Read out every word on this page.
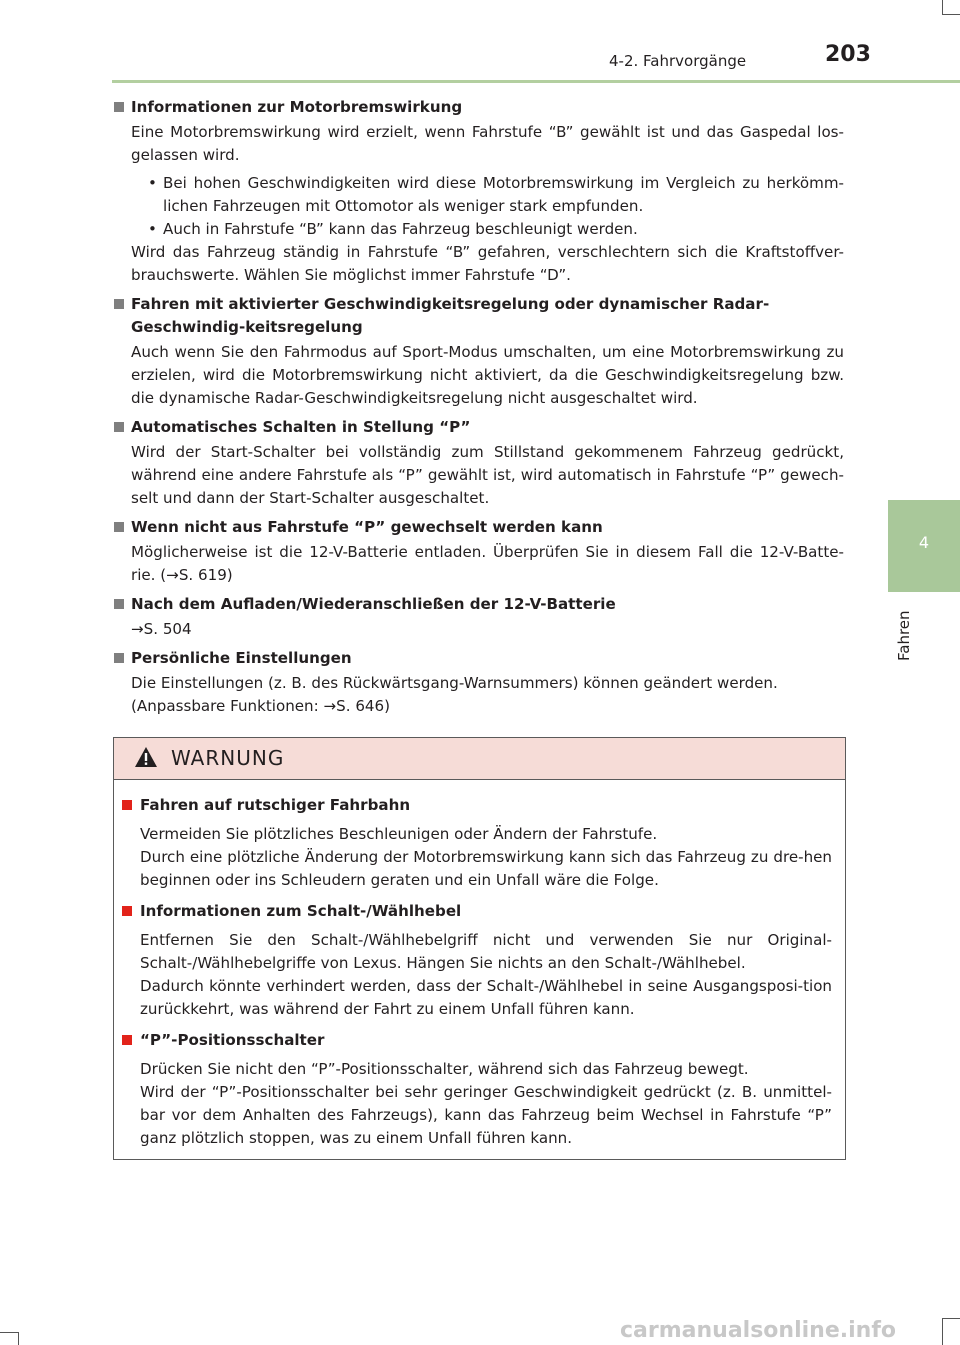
4-2. Fahrvorgänge	203
4
Fahren
Informationen zur Motorbremswirkung
Eine Motorbremswirkung wird erzielt, wenn Fahrstufe “B” gewählt ist und das Gaspedal los-gelassen wird.
• Bei hohen Geschwindigkeiten wird diese Motorbremswirkung im Vergleich zu herkömm-lichen Fahrzeugen mit Ottomotor als weniger stark empfunden.
• Auch in Fahrstufe “B” kann das Fahrzeug beschleunigt werden.
Wird das Fahrzeug ständig in Fahrstufe “B” gefahren, verschlechtern sich die Kraftstoffver-brauchswerte. Wählen Sie möglichst immer Fahrstufe “D”.
Fahren mit aktivierter Geschwindigkeitsregelung oder dynamischer Radar-Geschwindig-keitsregelung
Auch wenn Sie den Fahrmodus auf Sport-Modus umschalten, um eine Motorbremswirkung zu erzielen, wird die Motorbremswirkung nicht aktiviert, da die Geschwindigkeitsregelung bzw. die dynamische Radar-Geschwindigkeitsregelung nicht ausgeschaltet wird.
Automatisches Schalten in Stellung “P”
Wird der Start-Schalter bei vollständig zum Stillstand gekommenem Fahrzeug gedrückt, während eine andere Fahrstufe als “P” gewählt ist, wird automatisch in Fahrstufe “P” gewech-selt und dann der Start-Schalter ausgeschaltet.
Wenn nicht aus Fahrstufe “P” gewechselt werden kann
Möglicherweise ist die 12-V-Batterie entladen. Überprüfen Sie in diesem Fall die 12-V-Batte-rie. (→S. 619)
Nach dem Aufladen/Wiederanschließen der 12-V-Batterie
→S. 504
Persönliche Einstellungen
Die Einstellungen (z. B. des Rückwärtsgang-Warnsummers) können geändert werden.
(Anpassbare Funktionen: →S. 646)
WARNUNG
Fahren auf rutschiger Fahrbahn
Vermeiden Sie plötzliches Beschleunigen oder Ändern der Fahrstufe.
Durch eine plötzliche Änderung der Motorbremswirkung kann sich das Fahrzeug zu dre-hen beginnen oder ins Schleudern geraten und ein Unfall wäre die Folge.
Informationen zum Schalt-/Wählhebel
Entfernen Sie den Schalt-/Wählhebelgriff nicht und verwenden Sie nur Original-Schalt-/Wählhebelgriffe von Lexus. Hängen Sie nichts an den Schalt-/Wählhebel.
Dadurch könnte verhindert werden, dass der Schalt-/Wählhebel in seine Ausgangsposi-tion zurückkehrt, was während der Fahrt zu einem Unfall führen kann.
“P”-Positionsschalter
Drücken Sie nicht den “P”-Positionsschalter, während sich das Fahrzeug bewegt.
Wird der “P”-Positionsschalter bei sehr geringer Geschwindigkeit gedrückt (z. B. unmittel-bar vor dem Anhalten des Fahrzeugs), kann das Fahrzeug beim Wechsel in Fahrstufe “P” ganz plötzlich stoppen, was zu einem Unfall führen kann.
carmanualsonline.info
